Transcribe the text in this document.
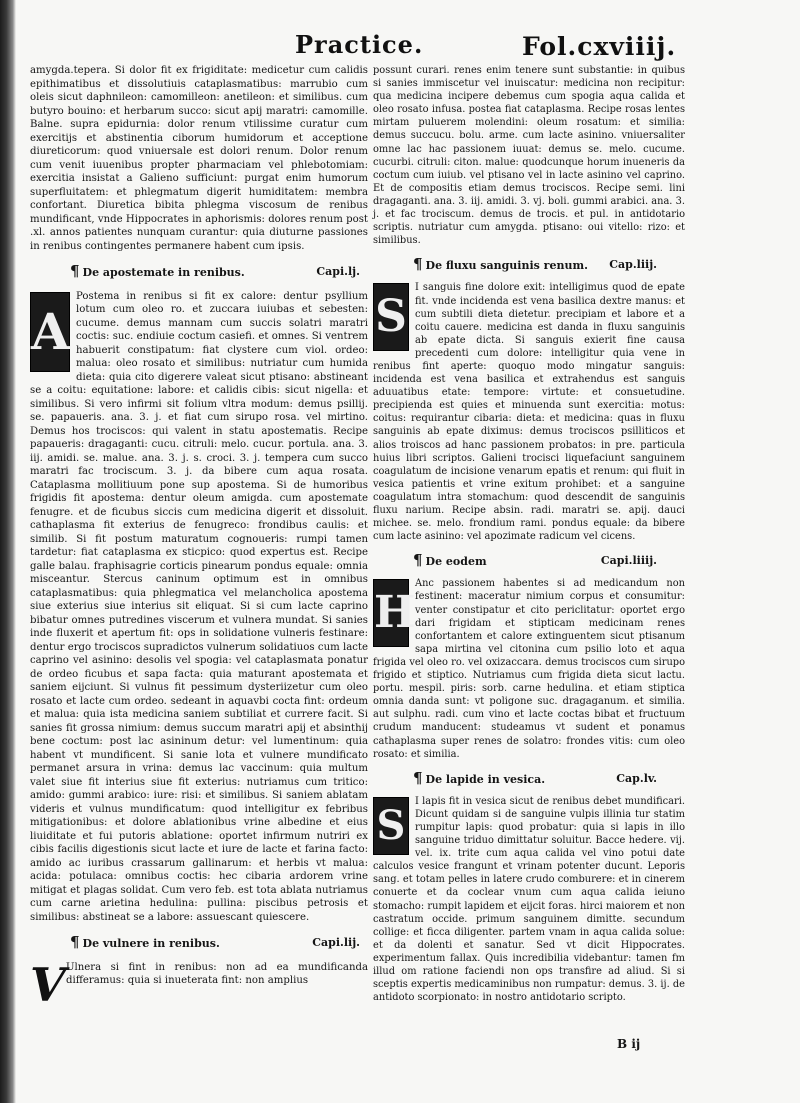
Practice.	Fol.cxviiij.

amygda.tepera. Si dolor fit ex frigiditate: medicetur cum calidis epithimatibus et dissolutiuis cataplasmatibus: marrubio cum oleis sicut daphnileon: camomilleon: anetileon: et similibus. cum butyro bouino: et herbarum succo: sicut apij maratri: camomille. Balne. supra epidurnia: dolor renum vtilissime curatur cum exercitijs et abstinentia ciborum humidorum et acceptione diureticorum: quod vniuersale est dolori renum. Dolor renum cum venit iuuenibus propter pharmaciam vel phlebotomiam: exercitia insistat a Galieno sufficiunt: purgat enim humorum superfluitatem: et phlegmatum digerit humiditatem: membra confortant. Diuretica bibita phlegma viscosum de renibus mundificant, vnde Hippocrates in aphorismis: dolores renum post .xl. annos patientes nunquam curantur: quia diuturne passiones in renibus contingentes permanere habent cum ipsis.

¶ De apostemate in renibus.	Capi.lj.

A
Postema in renibus si fit ex calore: dentur psyllium lotum cum oleo ro. et zuccara iuiubas et sebesten: cucume. demus mannam cum succis solatri maratri coctis: suc. endiuie coctum casiefi. et omnes. Si ventrem habuerit constipatum: fiat clystere cum viol. ordeo: malua: oleo rosato et similibus: nutriatur cum humida dieta: quia cito digerere valeat sicut ptisano: abstineant se a coitu: equitatione: labore: et calidis cibis: sicut nigella: et similibus. Si vero infirmi sit folium vltra modum: demus psillij. se. papaueris. ana. 3. j. et fiat cum sirupo rosa. vel mirtino. Demus hos trociscos: qui valent in statu apostematis. Recipe papaueris: dragaganti: cucu. citruli: melo. cucur. portula. ana. 3. iij. amidi. se. malue. ana. 3. j. s. croci. 3. j. tempera cum succo maratri fac trociscum. 3. j. da bibere cum aqua rosata. Cataplasma mollitiuum pone sup apostema. Si de humoribus frigidis fit apostema: dentur oleum amigda. cum apostemate fenugre. et de ficubus siccis cum medicina digerit et dissoluit. cathaplasma fit exterius de fenugreco: frondibus caulis: et similib. Si fit postum maturatum cognoueris: rumpi tamen tardetur: fiat cataplasma ex sticpico: quod expertus est. Recipe galle balau. fraphisagrie corticis pinearum pondus equale: omnia misceantur. Stercus caninum optimum est in omnibus cataplasmatibus: quia phlegmatica vel melancholica apostema siue exterius siue interius sit eliquat. Si si cum lacte caprino bibatur omnes putredines viscerum et vulnera mundat. Si sanies inde fluxerit et apertum fit: ops in solidatione vulneris festinare: dentur ergo trociscos supradictos vulnerum solidatiuos cum lacte caprino vel asinino: desolis vel spogia: vel cataplasmata ponatur de ordeo ficubus et sapa facta: quia maturant apostemata et saniem eijciunt. Si vulnus fit pessimum dysteriizetur cum oleo rosato et lacte cum ordeo. sedeant in aquavbi cocta fint: ordeum et malua: quia ista medicina saniem subtiliat et currere facit. Si sanies fit grossa nimium: demus succum maratri apij et absinthij bene coctum: post lac asininum detur: vel lumentinum: quia habent vt mundificent. Si sanie lota et vulnere mundificato permanet arsura in vrina: demus lac vaccinum: quia multum valet siue fit interius siue fit exterius: nutriamus cum tritico: amido: gummi arabico: iure: risi: et similibus. Si saniem ablatam videris et vulnus mundificatum: quod intelligitur ex febribus mitigationibus: et dolore ablationibus vrine albedine et eius liuiditate et fui putoris ablatione: oportet infirmum nutriri ex cibis facilis digestionis sicut lacte et iure de lacte et farina facto: amido ac iuribus crassarum gallinarum: et herbis vt malua: acida: potulaca: omnibus coctis: hec cibaria ardorem vrine mitigat et plagas solidat. Cum vero feb. est tota ablata nutriamus cum carne arietina hedulina: pullina: piscibus petrosis et similibus: abstineat se a labore: assuescant quiescere.

¶ De vulnere in renibus.	Capi.lij.

V Ulnera si fint in renibus: non ad ea mundificanda differamus: quia si inueterata fint: non amplius

possunt curari. renes enim tenere sunt substantie: in quibus si sanies immiscetur vel inuiscatur: medicina non recipitur: qua medicina incipere debemus cum spogia aqua calida et oleo rosato infusa. postea fiat cataplasma. Recipe rosas lentes mirtam puluerem molendini: oleum rosatum: et similia: demus succucu. bolu. arme. cum lacte asinino. vniuersaliter omne lac hac passionem iuuat: demus se. melo. cucume. cucurbi. citruli: citon. malue: quodcunque horum inueneris da coctum cum iuiub. vel ptisano vel in lacte asinino vel caprino. Et de compositis etiam demus trociscos. Recipe semi. lini dragaganti. ana. 3. iij. amidi. 3. vj. boli. gummi arabici. ana. 3. j. et fac trociscum. demus de trocis. et pul. in antidotario scriptis. nutriatur cum amygda. ptisano: oui vitello: rizo: et similibus.

¶ De fluxu sanguinis renum. Cap.liij.

S
I sanguis fine dolore exit: intelligimus quod de epate fit. vnde incidenda est vena basilica dextre manus: et cum subtili dieta dietetur. precipiam et labore et a coitu cauere. medicina est danda in fluxu sanguinis ab epate dicta. Si sanguis exierit fine causa precedenti cum dolore: intelligitur quia vene in renibus fint aperte: quoquo modo mingatur sanguis: incidenda est vena basilica et extrahendus est sanguis aduuatibus etate: tempore: virtute: et consuetudine. precipienda est quies et minuenda sunt exercitia: motus: coitus: requirantur cibaria: dieta: et medicina: quas in fluxu sanguinis ab epate diximus: demus trociscos psilliticos et alios troiscos ad hanc passionem probatos: in pre. particula huius libri scriptos. Galieni trocisci liquefaciunt sanguinem coagulatum de incisione venarum epatis et renum: qui fluit in vesica patientis et vrine exitum prohibet: et a sanguine coagulatum intra stomachum: quod descendit de sanguinis fluxu narium. Recipe absin. radi. maratri se. apij. dauci michee. se. melo. frondium rami. pondus equale: da bibere cum lacte asinino: vel apozimate radicum vel cicens.

¶ De eodem	Capi.liiij.

H
Anc passionem habentes si ad medicandum non festinent: maceratur nimium corpus et consumitur: venter constipatur et cito periclitatur: oportet ergo dari frigidam et stipticam medicinam renes confortantem et calore extinguentem sicut ptisanum sapa mirtina vel citonina cum psilio loto et aqua frigida vel oleo ro. vel oxizaccara. demus trociscos cum sirupo frigido et stiptico. Nutriamus cum frigida dieta sicut lactu. portu. mespil. piris: sorb. carne hedulina. et etiam stiptica omnia danda sunt: vt poligone suc. dragaganum. et similia. aut sulphu. radi. cum vino et lacte coctas bibat et fructuum crudum manducent: studeamus vt sudent et ponamus cathaplasma super renes de solatro: frondes vitis: cum oleo rosato: et similia.

¶ De lapide in vesica.	Cap.lv.

S
I lapis fit in vesica sicut de renibus debet mundificari. Dicunt quidam si de sanguine vulpis illinia tur statim rumpitur lapis: quod probatur: quia si lapis in illo sanguine triduo dimittatur soluitur. Bacce hedere. vij. vel. ix. trite cum aqua calida vel vino potui date calculos vesice frangunt et vrinam potenter ducunt. Leporis sang. et totam pelles in latere crudo comburere: et in cinerem conuerte et da coclear vnum cum aqua calida ieiuno stomacho: rumpit lapidem et eijcit foras. hirci maiorem et non castratum occide. primum sanguinem dimitte. secundum collige: et ficca diligenter. partem vnam in aqua calida solue: et da dolenti et sanatur. Sed vt dicit Hippocrates. experimentum fallax. Quis incredibilia videbantur: tamen fm illud om ratione faciendi non ops transfire ad aliud. Si si sceptis expertis medicaminibus non rumpatur: demus. 3. ij. de antidoto scorpionato: in nostro antidotario scripto.

B ij
